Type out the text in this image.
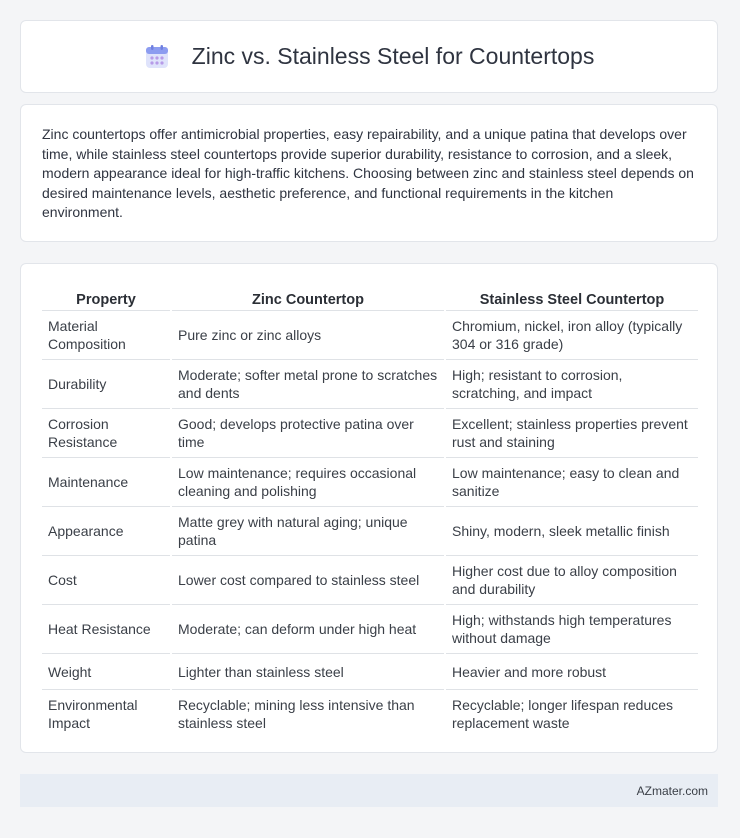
Zinc vs. Stainless Steel for Countertops

Zinc countertops offer antimicrobial properties, easy repairability, and a unique patina that develops over time, while stainless steel countertops provide superior durability, resistance to corrosion, and a sleek, modern appearance ideal for high-traffic kitchens. Choosing between zinc and stainless steel depends on desired maintenance levels, aesthetic preference, and functional requirements in the kitchen environment.

Property	Zinc Countertop	Stainless Steel Countertop
Material Composition	Pure zinc or zinc alloys	Chromium, nickel, iron alloy (typically 304 or 316 grade)
Durability	Moderate; softer metal prone to scratches and dents	High; resistant to corrosion, scratching, and impact
Corrosion Resistance	Good; develops protective patina over time	Excellent; stainless properties prevent rust and staining
Maintenance	Low maintenance; requires occasional cleaning and polishing	Low maintenance; easy to clean and sanitize
Appearance	Matte grey with natural aging; unique patina	Shiny, modern, sleek metallic finish
Cost	Lower cost compared to stainless steel	Higher cost due to alloy composition and durability
Heat Resistance	Moderate; can deform under high heat	High; withstands high temperatures without damage
Weight	Lighter than stainless steel	Heavier and more robust
Environmental Impact	Recyclable; mining less intensive than stainless steel	Recyclable; longer lifespan reduces replacement waste
AZmater.com
